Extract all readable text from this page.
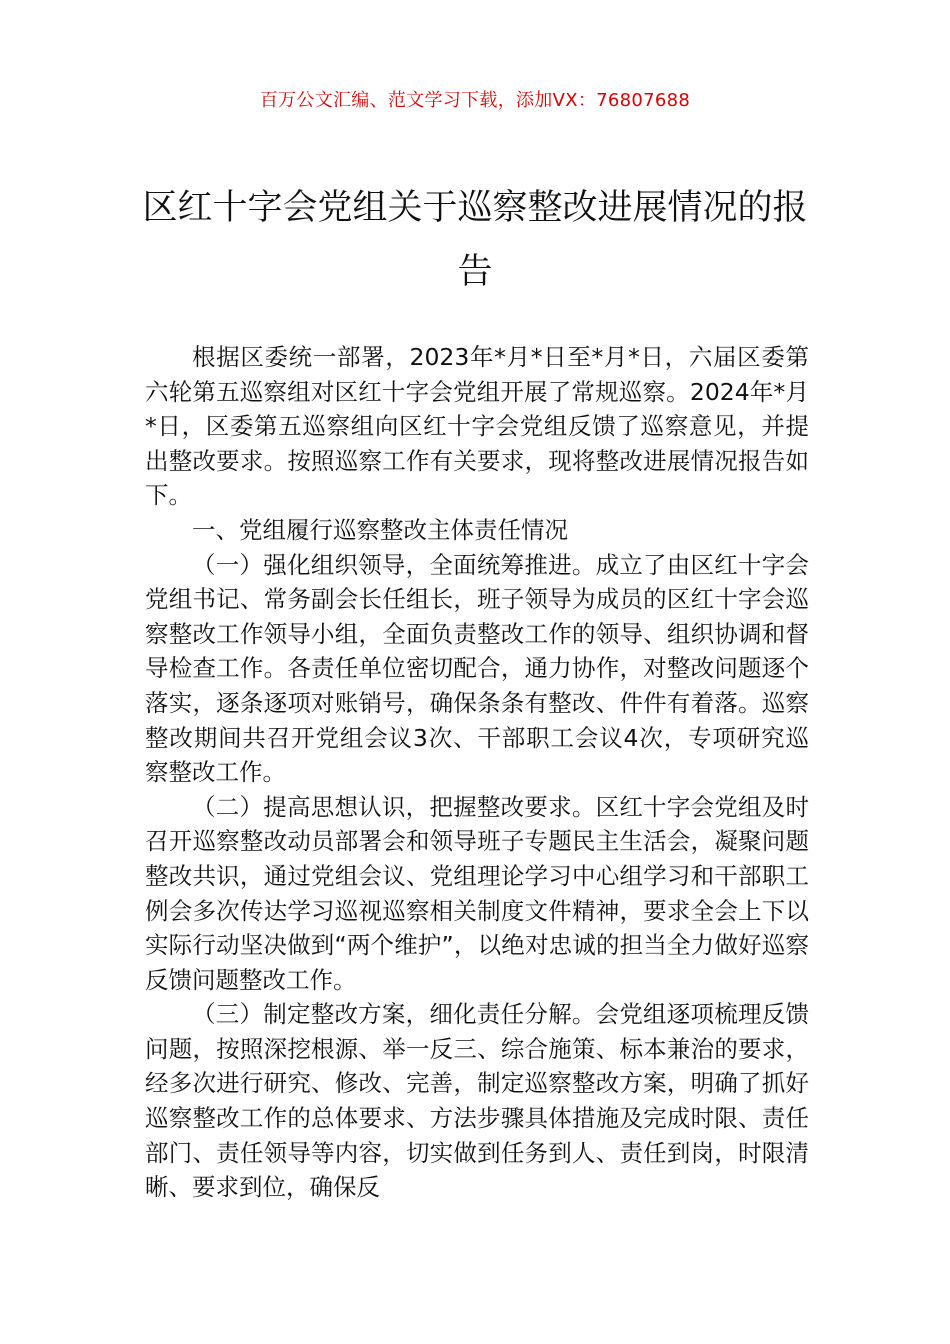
百万公文汇编、范文学习下载，添加VX：76807688
区红十字会党组关于巡察整改进展情况的报告

根据区委统一部署，2023年*月*日至*月*日，六届区委第六轮第五巡察组对区红十字会党组开展了常规巡察。2024年*月*日，区委第五巡察组向区红十字会党组反馈了巡察意见，并提出整改要求。按照巡察工作有关要求，现将整改进展情况报告如下。

一、党组履行巡察整改主体责任情况

（一）强化组织领导，全面统筹推进。成立了由区红十字会党组书记、常务副会长任组长，班子领导为成员的区红十字会巡察整改工作领导小组，全面负责整改工作的领导、组织协调和督导检查工作。各责任单位密切配合，通力协作，对整改问题逐个落实，逐条逐项对账销号，确保条条有整改、件件有着落。巡察整改期间共召开党组会议3次、干部职工会议4次，专项研究巡察整改工作。

（二）提高思想认识，把握整改要求。区红十字会党组及时召开巡察整改动员部署会和领导班子专题民主生活会，凝聚问题整改共识，通过党组会议、党组理论学习中心组学习和干部职工例会多次传达学习巡视巡察相关制度文件精神，要求全会上下以实际行动坚决做到“两个维护”，以绝对忠诚的担当全力做好巡察反馈问题整改工作。

（三）制定整改方案，细化责任分解。会党组逐项梳理反馈问题，按照深挖根源、举一反三、综合施策、标本兼治的要求，经多次进行研究、修改、完善，制定巡察整改方案，明确了抓好巡察整改工作的总体要求、方法步骤具体措施及完成时限、责任部门、责任领导等内容，切实做到任务到人、责任到岗，时限清晰、要求到位，确保反
